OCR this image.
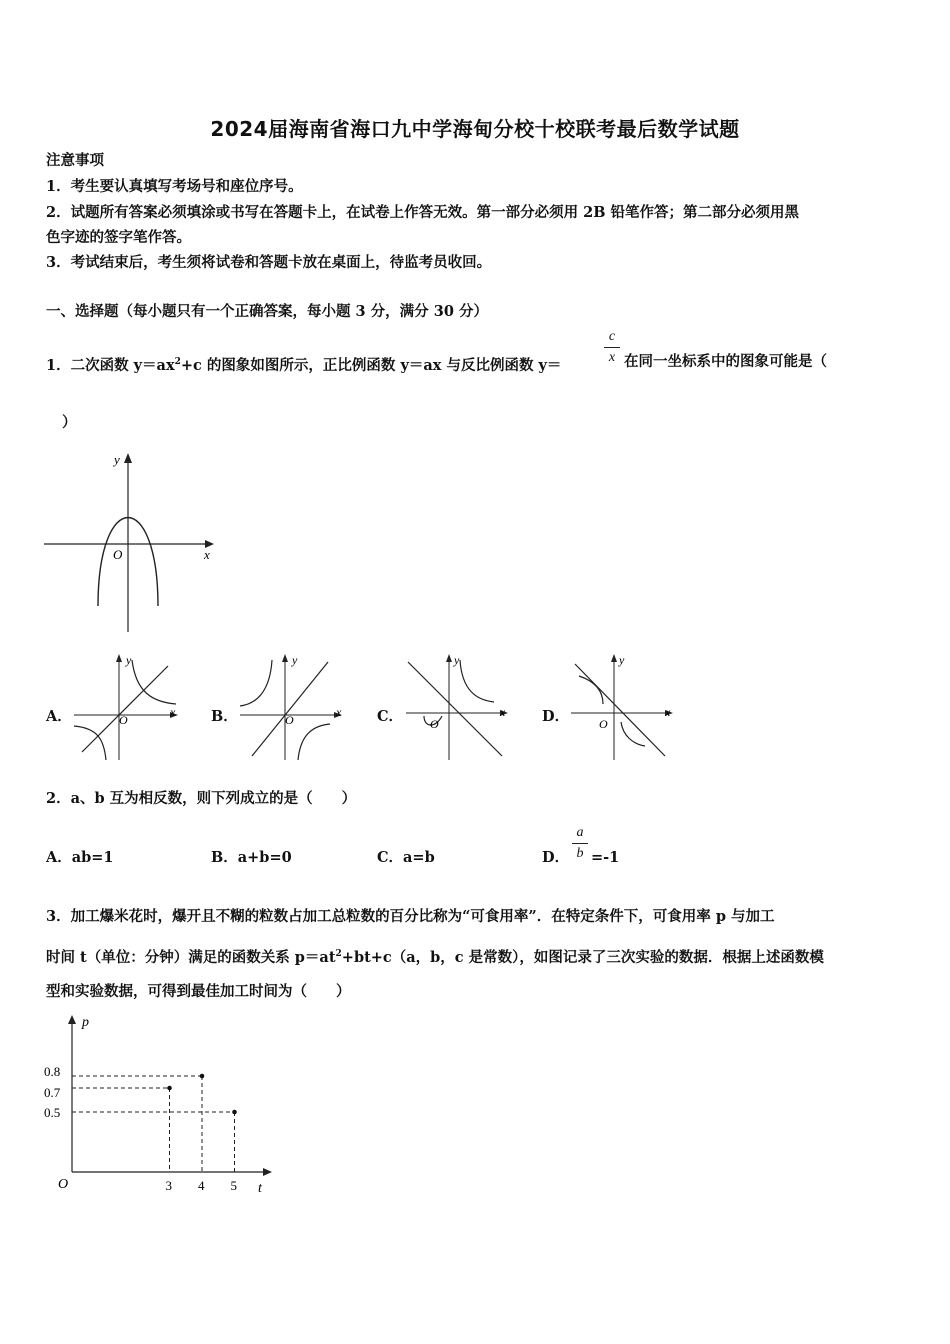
2024届海南省海口九中学海甸分校十校联考最后数学试题
注意事项
1．考生要认真填写考场号和座位序号。
2．试题所有答案必须填涂或书写在答题卡上，在试卷上作答无效。第一部分必须用 2B 铅笔作答；第二部分必须用黑
色字迹的签字笔作答。
3．考试结束后，考生须将试卷和答题卡放在桌面上，待监考员收回。
一、选择题（每小题只有一个正确答案，每小题 3 分，满分 30 分）
1．二次函数 $y=ax^2+c$ 的图象如图所示，正比例函数 y＝ax 与反比例函数 y＝
c
x 在同一坐标系中的图象可能是（
）
y
x
O
A．
y
x
O	B．
y
x
O	C．
y
x
O	D．
y
x
O
2．a、b 互为相反数，则下列成立的是（　　）
A．ab=1	B．a+b=0	C．a=b	D．
a
b =-1
3．加工爆米花时，爆开且不糊的粒数占加工总粒数的百分比称为“可食用率”．在特定条件下，可食用率 p 与加工
时间 t（单位：分钟）满足的函数关系 $p=at^2+bt+c(a$，b，c 是常数），如图记录了三次实验的数据．根据上述函数模
型和实验数据，可得到最佳加工时间为（　　）
t
p
O	3 4 5
0.8
0.7
0.5
